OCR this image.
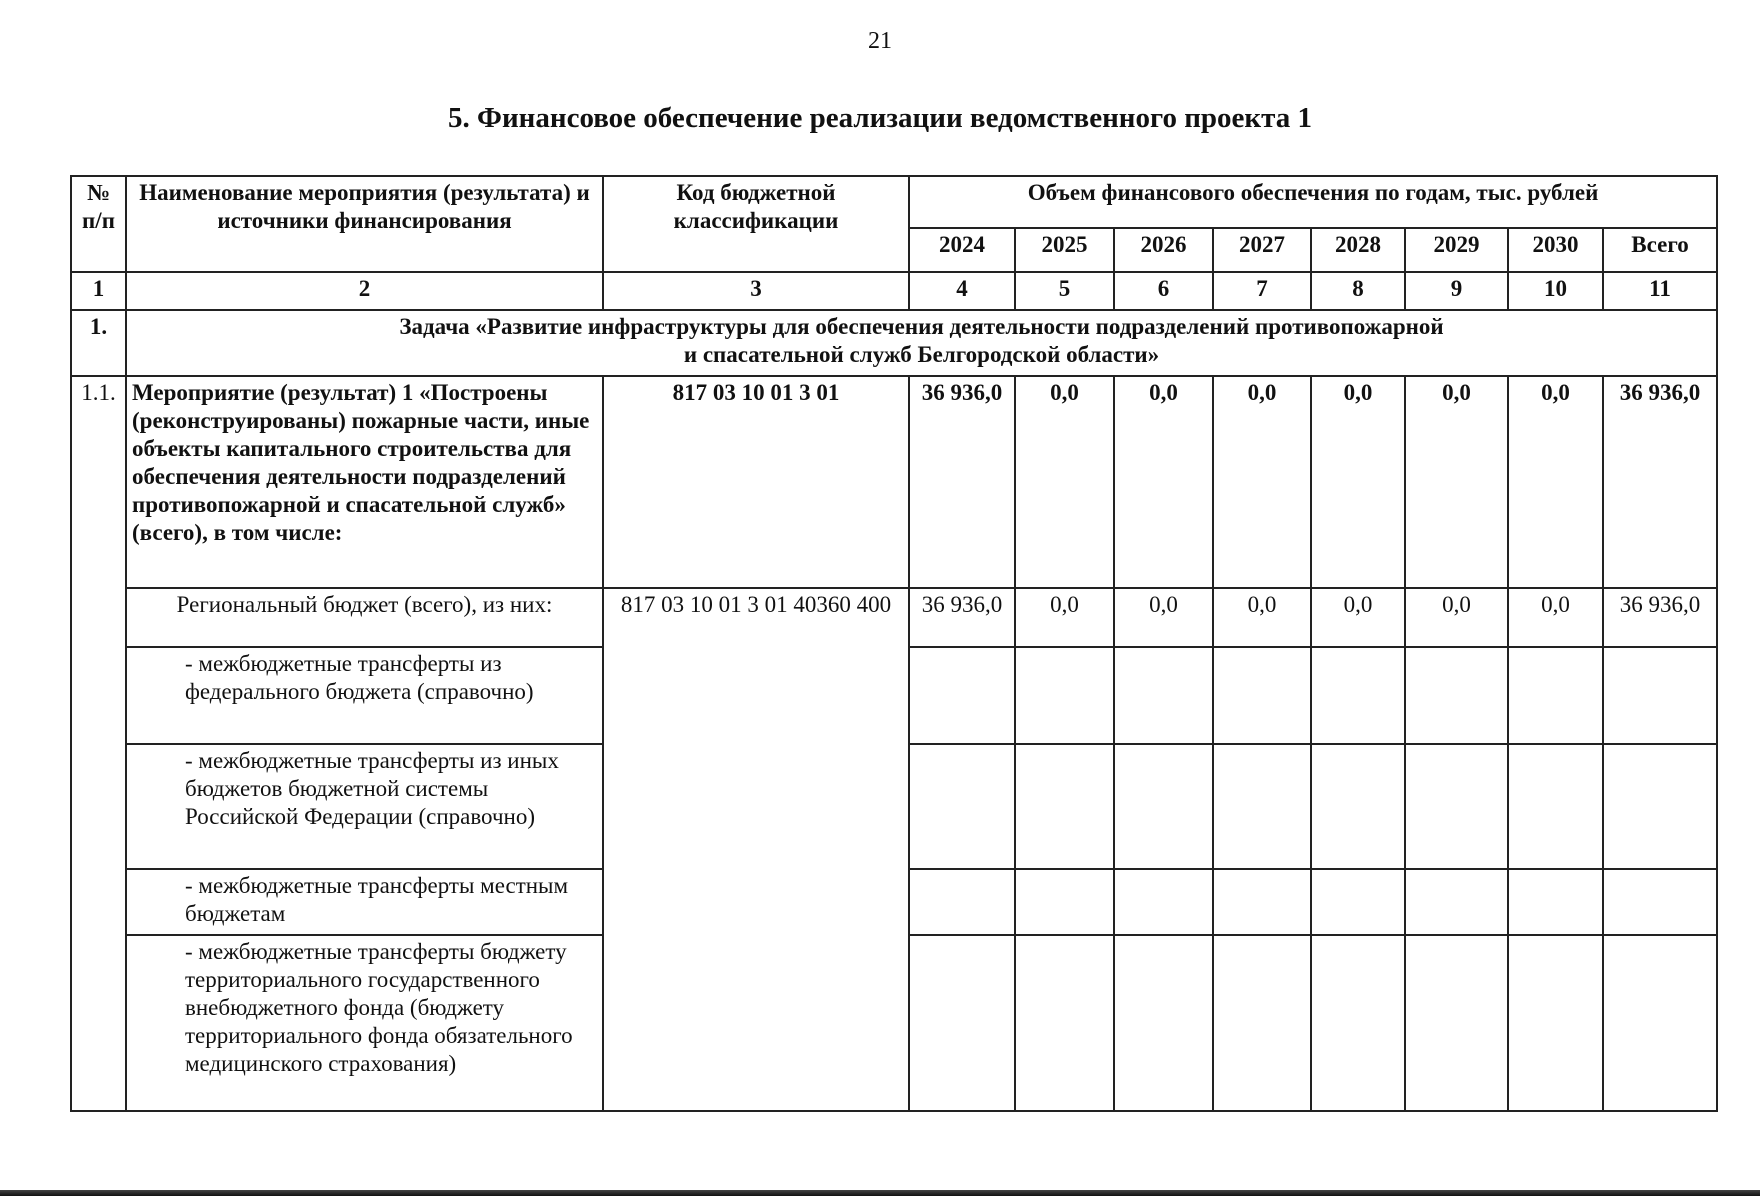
21
5. Финансовое обеспечение реализации ведомственного проекта 1
№ п/п	Наименование мероприятия (результата) и источники финансирования	Код бюджетной классификации	Объем финансового обеспечения по годам, тыс. рублей							
			2024	2025	2026	2027	2028	2029	2030	Всего
1	2	3	4	5	6	7	8	9	10	11
1.	Задача «Развитие инфраструктуры для обеспечения деятельности подразделений противопожарной
и спасательной служб Белгородской области»									

1.1.	Мероприятие (результат) 1 «Построены (реконструированы) пожарные части, иные объекты капитального строительства для обеспечения деятельности подразделений противопожарной и спасательной служб» (всего), в том числе:	817 03 10 01 3 01	36 936,0	0,0	0,0	0,0	0,0	0,0	0,0	36 936,0
	Региональный бюджет (всего), из них:	817 03 10 01 3 01 40360 400	36 936,0	0,0	0,0	0,0	0,0	0,0	0,0	36 936,0
	- межбюджетные трансферты из федерального бюджета (справочно)									
	- межбюджетные трансферты из иных бюджетов бюджетной системы Российской Федерации (справочно)									
	- межбюджетные трансферты местным бюджетам									
	- межбюджетные трансферты бюджету территориального государственного внебюджетного фонда (бюджету территориального фонда обязательного медицинского страхования)									
